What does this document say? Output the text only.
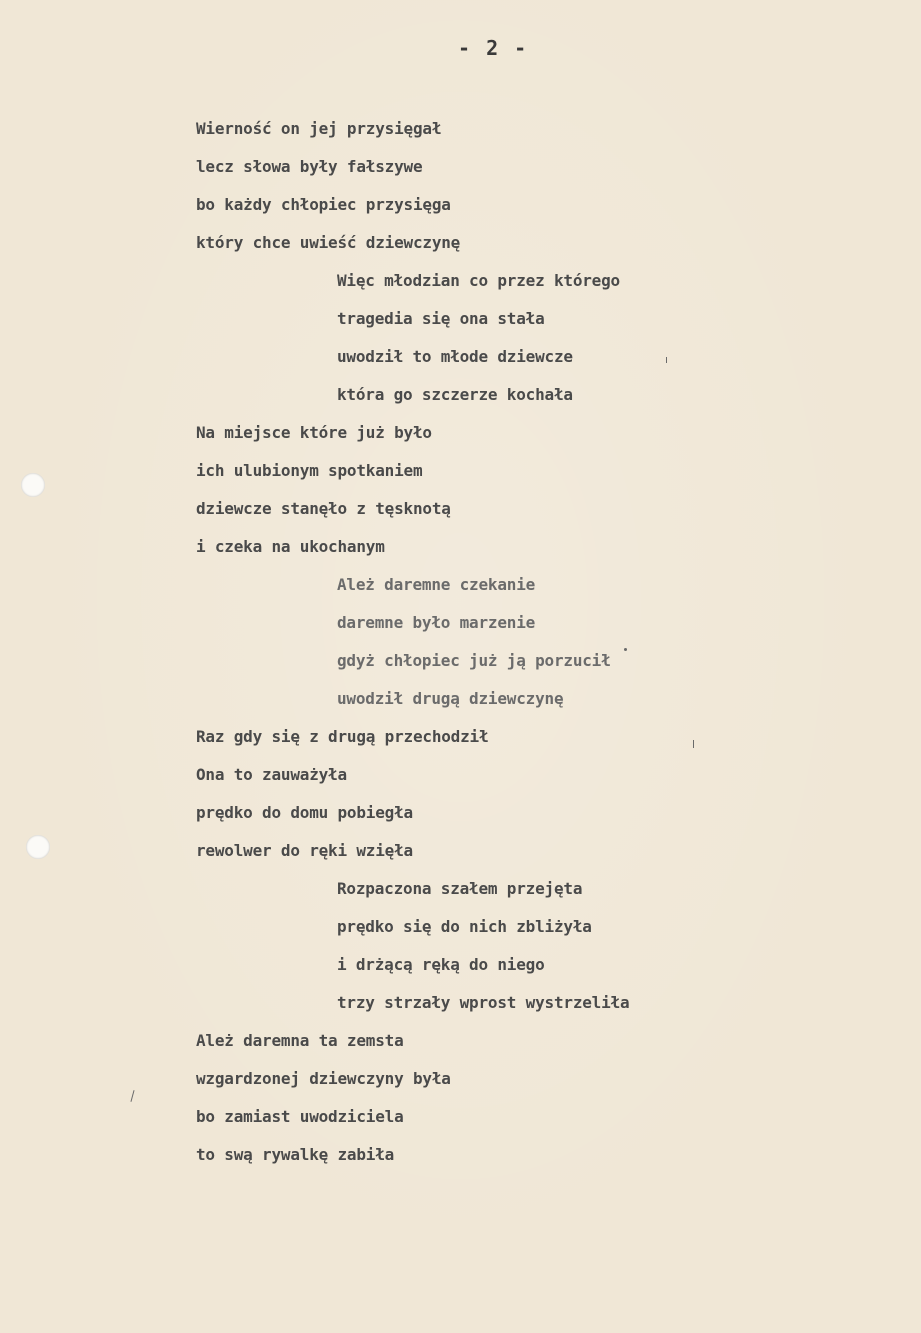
- 2 -
Wierność on jej przysięgał
lecz słowa były fałszywe
bo każdy chłopiec przysięga
który chce uwieść dziewczynę
Więc młodzian co przez którego
tragedia się ona stała
uwodził to młode dziewcze
która go szczerze kochała
Na miejsce które już było
ich ulubionym spotkaniem
dziewcze stanęło z tęsknotą
i czeka na ukochanym
Ależ daremne czekanie
daremne było marzenie
gdyż chłopiec już ją porzucił
uwodził drugą dziewczynę
Raz gdy się z drugą przechodził
Ona to zauważyła
prędko do domu pobiegła
rewolwer do ręki wzięła
Rozpaczona szałem przejęta
prędko się do nich zbliżyła
i drżącą ręką do niego
trzy strzały wprost wystrzeliła
Ależ daremna ta zemsta
wzgardzonej dziewczyny była
bo zamiast uwodziciela
to swą rywalkę zabiła
